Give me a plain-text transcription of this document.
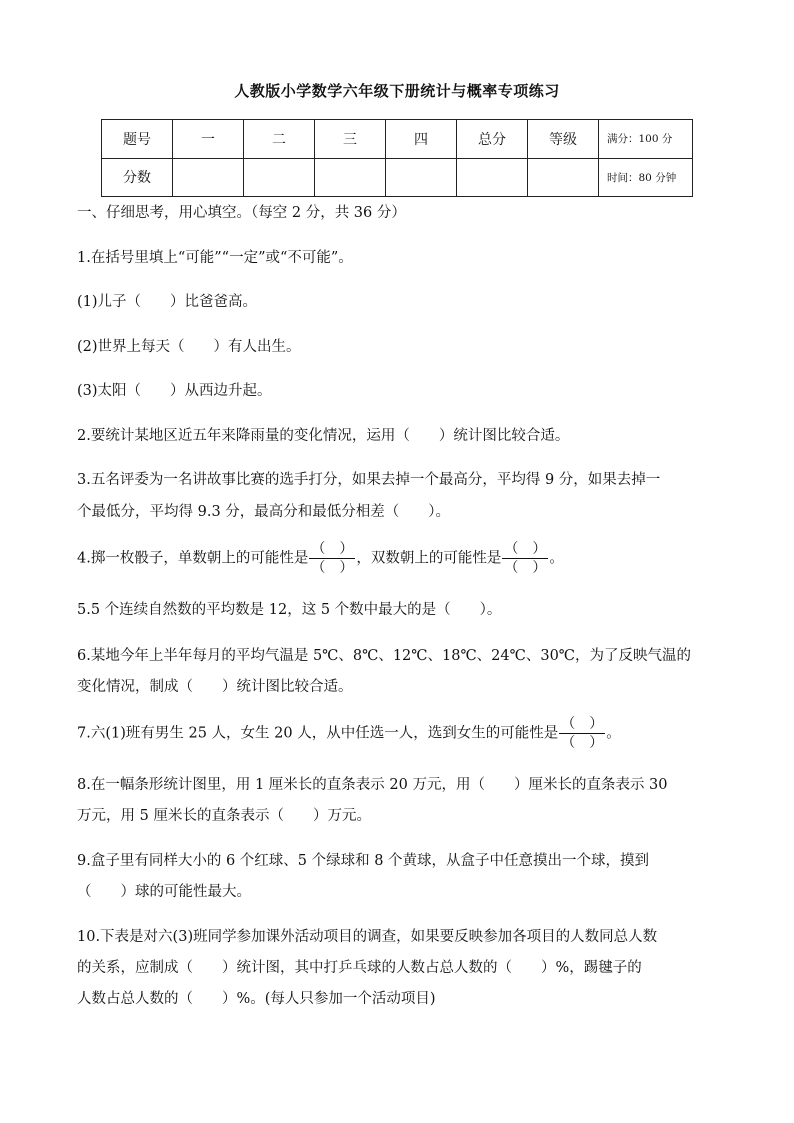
人教版小学数学六年级下册统计与概率专项练习
题号	一	二	三	四	总分	等级	满分：100 分
分数							时间：80 分钟
一、仔细思考，用心填空。（每空 2 分，共 36 分）
1.在括号里填上“可能”“一定”或“不可能”。
(1)儿子（　　）比爸爸高。
(2)世界上每天（　　）有人出生。
(3)太阳（　　）从西边升起。
2.要统计某地区近五年来降雨量的变化情况，运用（　　）统计图比较合适。
3.五名评委为一名讲故事比赛的选手打分，如果去掉一个最高分，平均得 9 分，如果去掉一
个最低分，平均得 9.3 分，最高分和最低分相差（　　）。
4.掷一枚骰子，单数朝上的可能性是 $\frac{( )}{( )}$ ，双数朝上的可能性是 $\frac{( )}{( )}$ 。
5.5 个连续自然数的平均数是 12，这 5 个数中最大的是（　　）。
6.某地今年上半年每月的平均气温是 5℃、8℃、12℃、18℃、24℃、30℃，为了反映气温的
变化情况，制成（　　）统计图比较合适。
7.六(1)班有男生 25 人，女生 20 人，从中任选一人，选到女生的可能性是 $\frac{( )}{( )}$ 。
8.在一幅条形统计图里，用 1 厘米长的直条表示 20 万元，用（　　）厘米长的直条表示 30
万元，用 5 厘米长的直条表示（　　）万元。
9.盒子里有同样大小的 6 个红球、5 个绿球和 8 个黄球，从盒子中任意摸出一个球，摸到
（　　）球的可能性最大。
10.下表是对六(3)班同学参加课外活动项目的调查，如果要反映参加各项目的人数同总人数
的关系，应制成（　　）统计图，其中打乒乓球的人数占总人数的（　　）%，踢毽子的
人数占总人数的（　　）%。(每人只参加一个活动项目)
